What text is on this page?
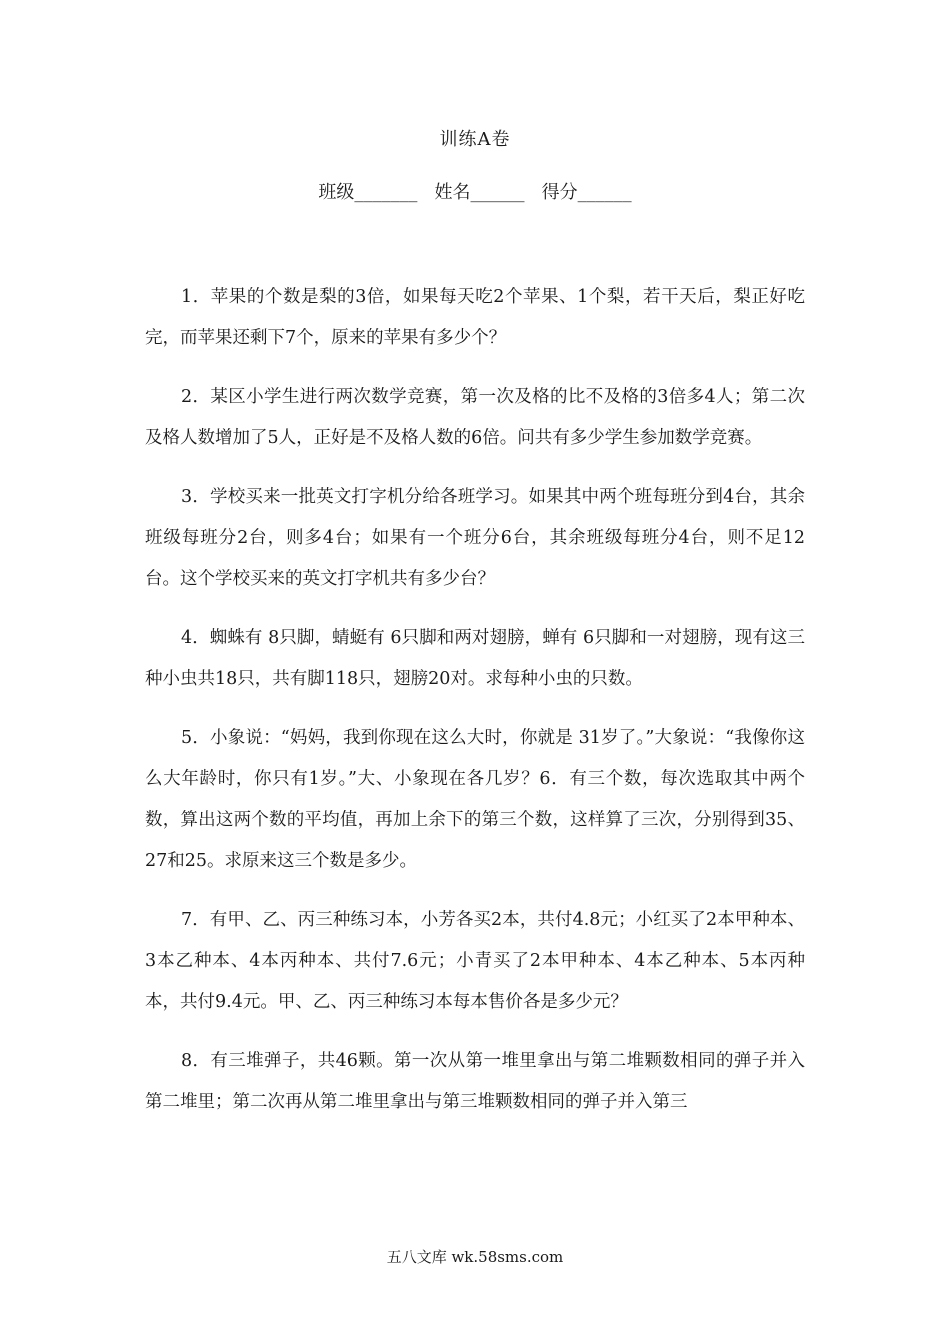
训练A卷
班级_______ 姓名______ 得分______

1．苹果的个数是梨的3倍，如果每天吃2个苹果、1个梨，若干天后，梨正好吃完，而苹果还剩下7个，原来的苹果有多少个？

2．某区小学生进行两次数学竞赛，第一次及格的比不及格的3倍多4人；第二次及格人数增加了5人，正好是不及格人数的6倍。问共有多少学生参加数学竞赛。

3．学校买来一批英文打字机分给各班学习。如果其中两个班每班分到4台，其余班级每班分2台，则多4台；如果有一个班分6台，其余班级每班分4台，则不足12台。这个学校买来的英文打字机共有多少台？

4．蜘蛛有 8只脚，蜻蜓有 6只脚和两对翅膀，蝉有 6只脚和一对翅膀，现有这三种小虫共18只，共有脚118只，翅膀20对。求每种小虫的只数。

5．小象说：“妈妈，我到你现在这么大时，你就是 31岁了。”大象说：“我像你这么大年龄时，你只有1岁。”大、小象现在各几岁？6．有三个数，每次选取其中两个数，算出这两个数的平均值，再加上余下的第三个数，这样算了三次，分别得到35、27和25。求原来这三个数是多少。

7．有甲、乙、丙三种练习本，小芳各买2本，共付4.8元；小红买了2本甲种本、3本乙种本、4本丙种本、共付7.6元；小青买了2本甲种本、4本乙种本、5本丙种本，共付9.4元。甲、乙、丙三种练习本每本售价各是多少元？

8．有三堆弹子，共46颗。第一次从第一堆里拿出与第二堆颗数相同的弹子并入第二堆里；第二次再从第二堆里拿出与第三堆颗数相同的弹子并入第三

五八文库 wk.58sms.com
